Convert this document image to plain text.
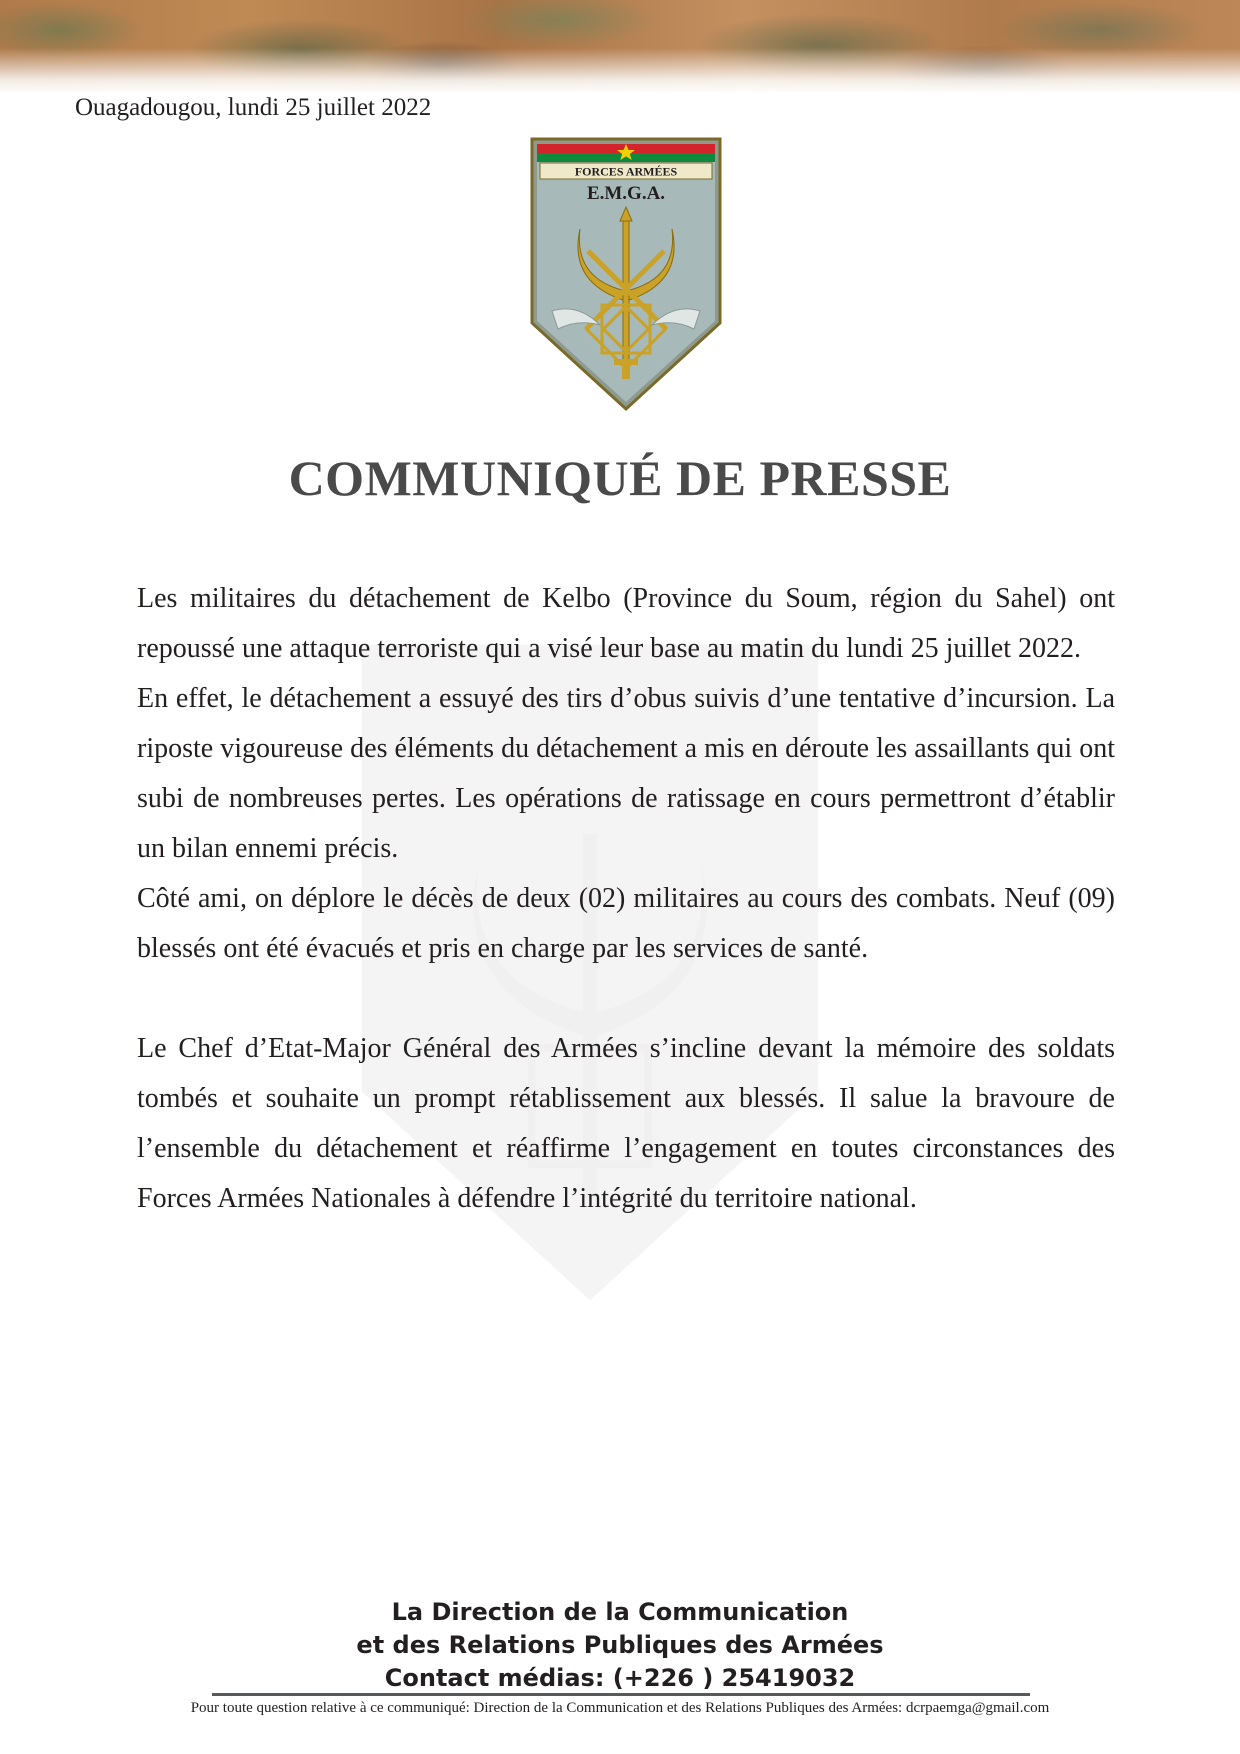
Ouagadougou, lundi 25 juillet 2022
FORCES ARMÉES
E.M.G.A.
COMMUNIQUÉ DE PRESSE

Les militaires du détachement de Kelbo (Province du Soum, région du Sahel) ont repoussé une attaque terroriste qui a visé leur base au matin du lundi 25 juillet 2022.

En effet, le détachement a essuyé des tirs d’obus suivis d’une tentative d’incursion. La riposte vigoureuse des éléments du détachement a mis en déroute les assaillants qui ont subi de nombreuses pertes. Les opérations de ratissage en cours permettront d’établir un bilan ennemi précis.

Côté ami, on déplore le décès de deux (02) militaires au cours des combats. Neuf (09) blessés ont été évacués et pris en charge par les services de santé.

Le Chef d’Etat-Major Général des Armées s’incline devant la mémoire des soldats tombés et souhaite un prompt rétablissement aux blessés. Il salue la bravoure de l’ensemble du détachement et réaffirme l’engagement en toutes circonstances des Forces Armées Nationales à défendre l’intégrité du territoire national.

La Direction de la Communication
et des Relations Publiques des Armées
Contact médias: (+226 ) 25419032
Pour toute question relative à ce communiqué: Direction de la Communication et des Relations Publiques des Armées: dcrpaemga@gmail.com
